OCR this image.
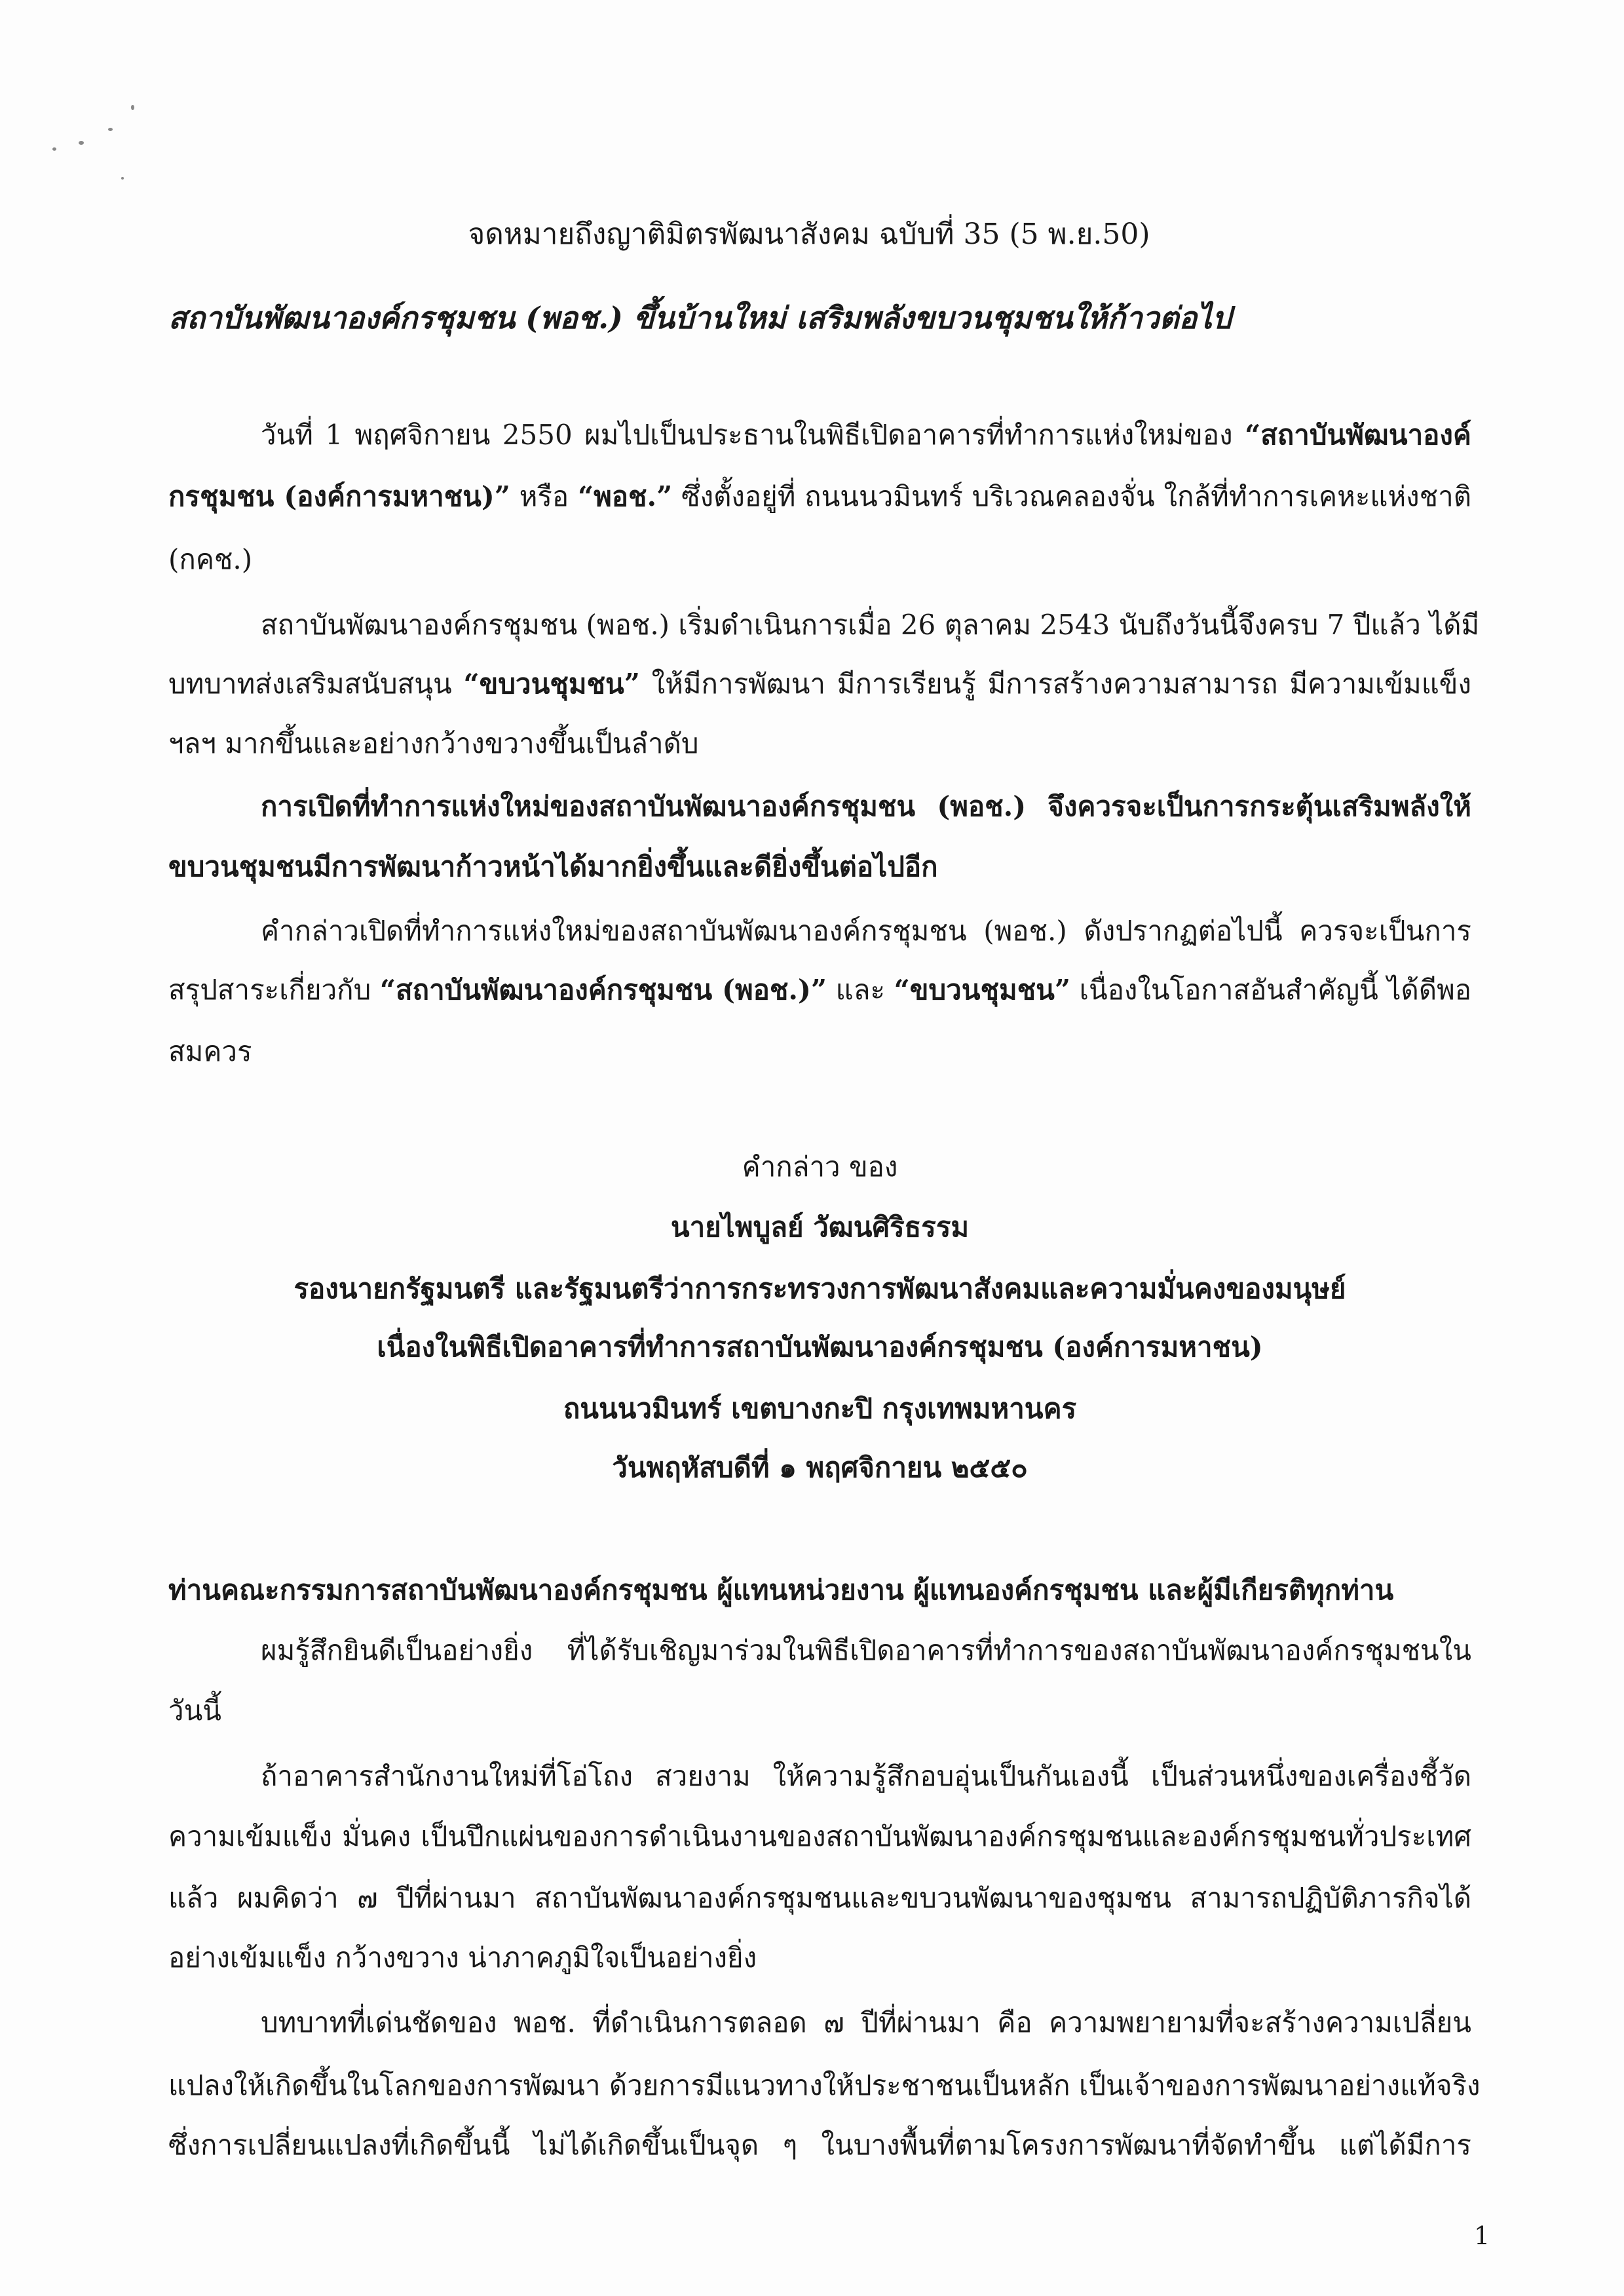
จดหมายถึงญาติมิตรพัฒนาสังคม ฉบับที่ 35 (5 พ.ย.50)
สถาบันพัฒนาองค์กรชุมชน (พอช.) ขึ้นบ้านใหม่ เสริมพลังขบวนชุมชนให้ก้าวต่อไป
วันที่ 1 พฤศจิกายน 2550 ผมไปเป็นประธานในพิธีเปิดอาคารที่ทำการแห่งใหม่ของ “สถาบันพัฒนาองค์
กรชุมชน (องค์การมหาชน)” หรือ “พอช.” ซึ่งตั้งอยู่ที่ ถนนนวมินทร์ บริเวณคลองจั่น ใกล้ที่ทำการเคหะแห่งชาติ
(กคช.)
สถาบันพัฒนาองค์กรชุมชน (พอช.) เริ่มดำเนินการเมื่อ 26 ตุลาคม 2543 นับถึงวันนี้จึงครบ 7 ปีแล้ว ได้มี
บทบาทส่งเสริมสนับสนุน “ขบวนชุมชน” ให้มีการพัฒนา มีการเรียนรู้ มีการสร้างความสามารถ มีความเข้มแข็ง
ฯลฯ มากขึ้นและอย่างกว้างขวางขึ้นเป็นลำดับ
การเปิดที่ทำการแห่งใหม่ของสถาบันพัฒนาองค์กรชุมชน (พอช.) จึงควรจะเป็นการกระตุ้นเสริมพลังให้
ขบวนชุมชนมีการพัฒนาก้าวหน้าได้มากยิ่งขึ้นและดียิ่งขึ้นต่อไปอีก
คำกล่าวเปิดที่ทำการแห่งใหม่ของสถาบันพัฒนาองค์กรชุมชน (พอช.) ดังปรากฏต่อไปนี้ ควรจะเป็นการ
สรุปสาระเกี่ยวกับ “สถาบันพัฒนาองค์กรชุมชน (พอช.)” และ “ขบวนชุมชน” เนื่องในโอกาสอันสำคัญนี้ ได้ดีพอ
สมควร
คำกล่าว ของ
นายไพบูลย์ วัฒนศิริธรรม
รองนายกรัฐมนตรี และรัฐมนตรีว่าการกระทรวงการพัฒนาสังคมและความมั่นคงของมนุษย์
เนื่องในพิธีเปิดอาคารที่ทำการสถาบันพัฒนาองค์กรชุมชน (องค์การมหาชน)
ถนนนวมินทร์ เขตบางกะปิ กรุงเทพมหานคร
วันพฤหัสบดีที่ ๑ พฤศจิกายน ๒๕๕๐
ท่านคณะกรรมการสถาบันพัฒนาองค์กรชุมชน ผู้แทนหน่วยงาน ผู้แทนองค์กรชุมชน และผู้มีเกียรติทุกท่าน
ผมรู้สึกยินดีเป็นอย่างยิ่ง ที่ได้รับเชิญมาร่วมในพิธีเปิดอาคารที่ทำการของสถาบันพัฒนาองค์กรชุมชนใน
วันนี้
ถ้าอาคารสำนักงานใหม่ที่โอ่โถง สวยงาม ให้ความรู้สึกอบอุ่นเป็นกันเองนี้ เป็นส่วนหนึ่งของเครื่องชี้วัด
ความเข้มแข็ง มั่นคง เป็นปึกแผ่นของการดำเนินงานของสถาบันพัฒนาองค์กรชุมชนและองค์กรชุมชนทั่วประเทศ
แล้ว ผมคิดว่า ๗ ปีที่ผ่านมา สถาบันพัฒนาองค์กรชุมชนและขบวนพัฒนาของชุมชน สามารถปฏิบัติภารกิจได้
อย่างเข้มแข็ง กว้างขวาง น่าภาคภูมิใจเป็นอย่างยิ่ง
บทบาทที่เด่นชัดของ พอช. ที่ดำเนินการตลอด ๗ ปีที่ผ่านมา คือ ความพยายามที่จะสร้างความเปลี่ยน
แปลงให้เกิดขึ้นในโลกของการพัฒนา ด้วยการมีแนวทางให้ประชาชนเป็นหลัก เป็นเจ้าของการพัฒนาอย่างแท้จริง
ซึ่งการเปลี่ยนแปลงที่เกิดขึ้นนี้ ไม่ได้เกิดขึ้นเป็นจุด ๆ ในบางพื้นที่ตามโครงการพัฒนาที่จัดทำขึ้น แต่ได้มีการ
1
